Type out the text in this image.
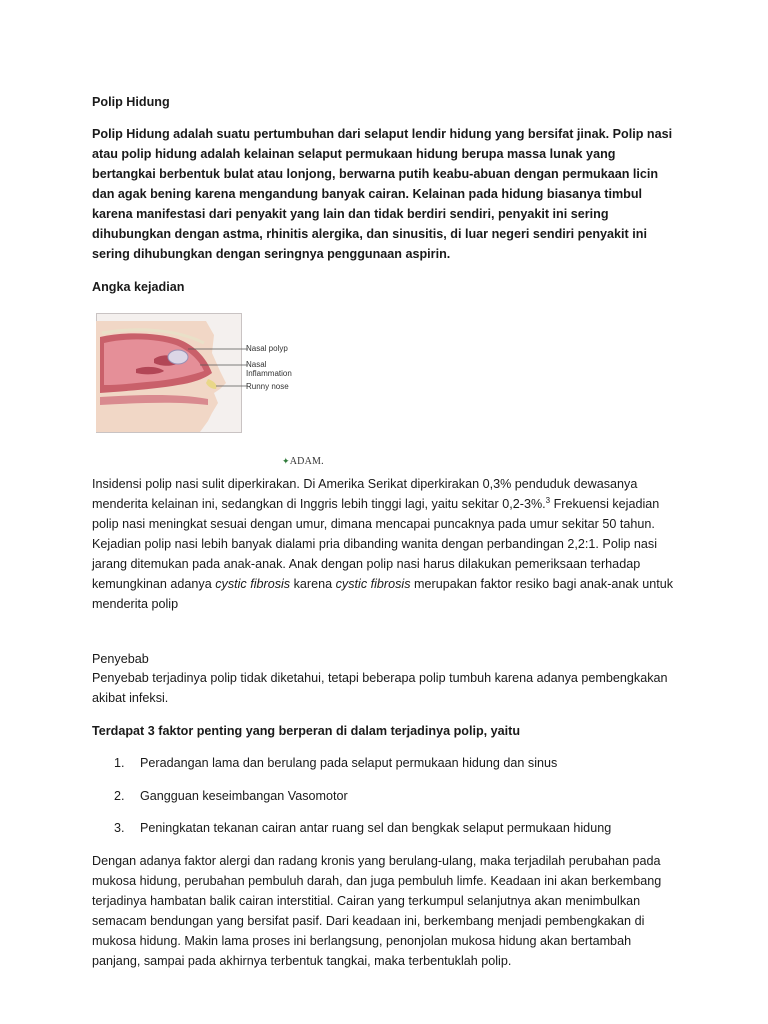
Polip Hidung

Polip Hidung adalah suatu pertumbuhan dari selaput lendir hidung yang bersifat jinak. Polip nasi atau polip hidung adalah kelainan selaput permukaan hidung berupa massa lunak yang bertangkai berbentuk bulat atau lonjong, berwarna putih keabu-abuan dengan permukaan licin dan agak bening karena mengandung banyak cairan. Kelainan pada hidung biasanya timbul karena manifestasi dari penyakit yang lain dan tidak berdiri sendiri, penyakit ini sering dihubungkan dengan astma, rhinitis alergika, dan sinusitis, di luar negeri sendiri penyakit ini sering dihubungkan dengan seringnya penggunaan aspirin.

Angka kejadian

Nasal polyp
Nasal
Inflammation
Runny nose
✦ADAM.

Insidensi polip nasi sulit diperkirakan. Di Amerika Serikat diperkirakan 0,3% penduduk dewasanya menderita kelainan ini, sedangkan di Inggris lebih tinggi lagi, yaitu sekitar 0,2-3%.$^3$ Frekuensi kejadian polip nasi meningkat sesuai dengan umur, dimana mencapai puncaknya pada umur sekitar 50 tahun. Kejadian polip nasi lebih banyak dialami pria dibanding wanita dengan perbandingan 2,2:1. Polip nasi jarang ditemukan pada anak-anak. Anak dengan polip nasi harus dilakukan pemeriksaan terhadap kemungkinan adanya cystic fibrosis karena cystic fibrosis merupakan faktor resiko bagi anak-anak untuk menderita polip

Penyebab

Penyebab terjadinya polip tidak diketahui, tetapi beberapa polip tumbuh karena adanya pembengkakan akibat infeksi.

Terdapat 3 faktor penting yang berperan di dalam terjadinya polip, yaitu

1. Peradangan lama dan berulang pada selaput permukaan hidung dan sinus
2. Gangguan keseimbangan Vasomotor
3. Peningkatan tekanan cairan antar ruang sel dan bengkak selaput permukaan hidung

Dengan adanya faktor alergi dan radang kronis yang berulang-ulang, maka terjadilah perubahan pada mukosa hidung, perubahan pembuluh darah, dan juga pembuluh limfe. Keadaan ini akan berkembang terjadinya hambatan balik cairan interstitial. Cairan yang terkumpul selanjutnya akan menimbulkan semacam bendungan yang bersifat pasif. Dari keadaan ini, berkembang menjadi pembengkakan di mukosa hidung. Makin lama proses ini berlangsung, penonjolan mukosa hidung akan bertambah panjang, sampai pada akhirnya terbentuk tangkai, maka terbentuklah polip.
